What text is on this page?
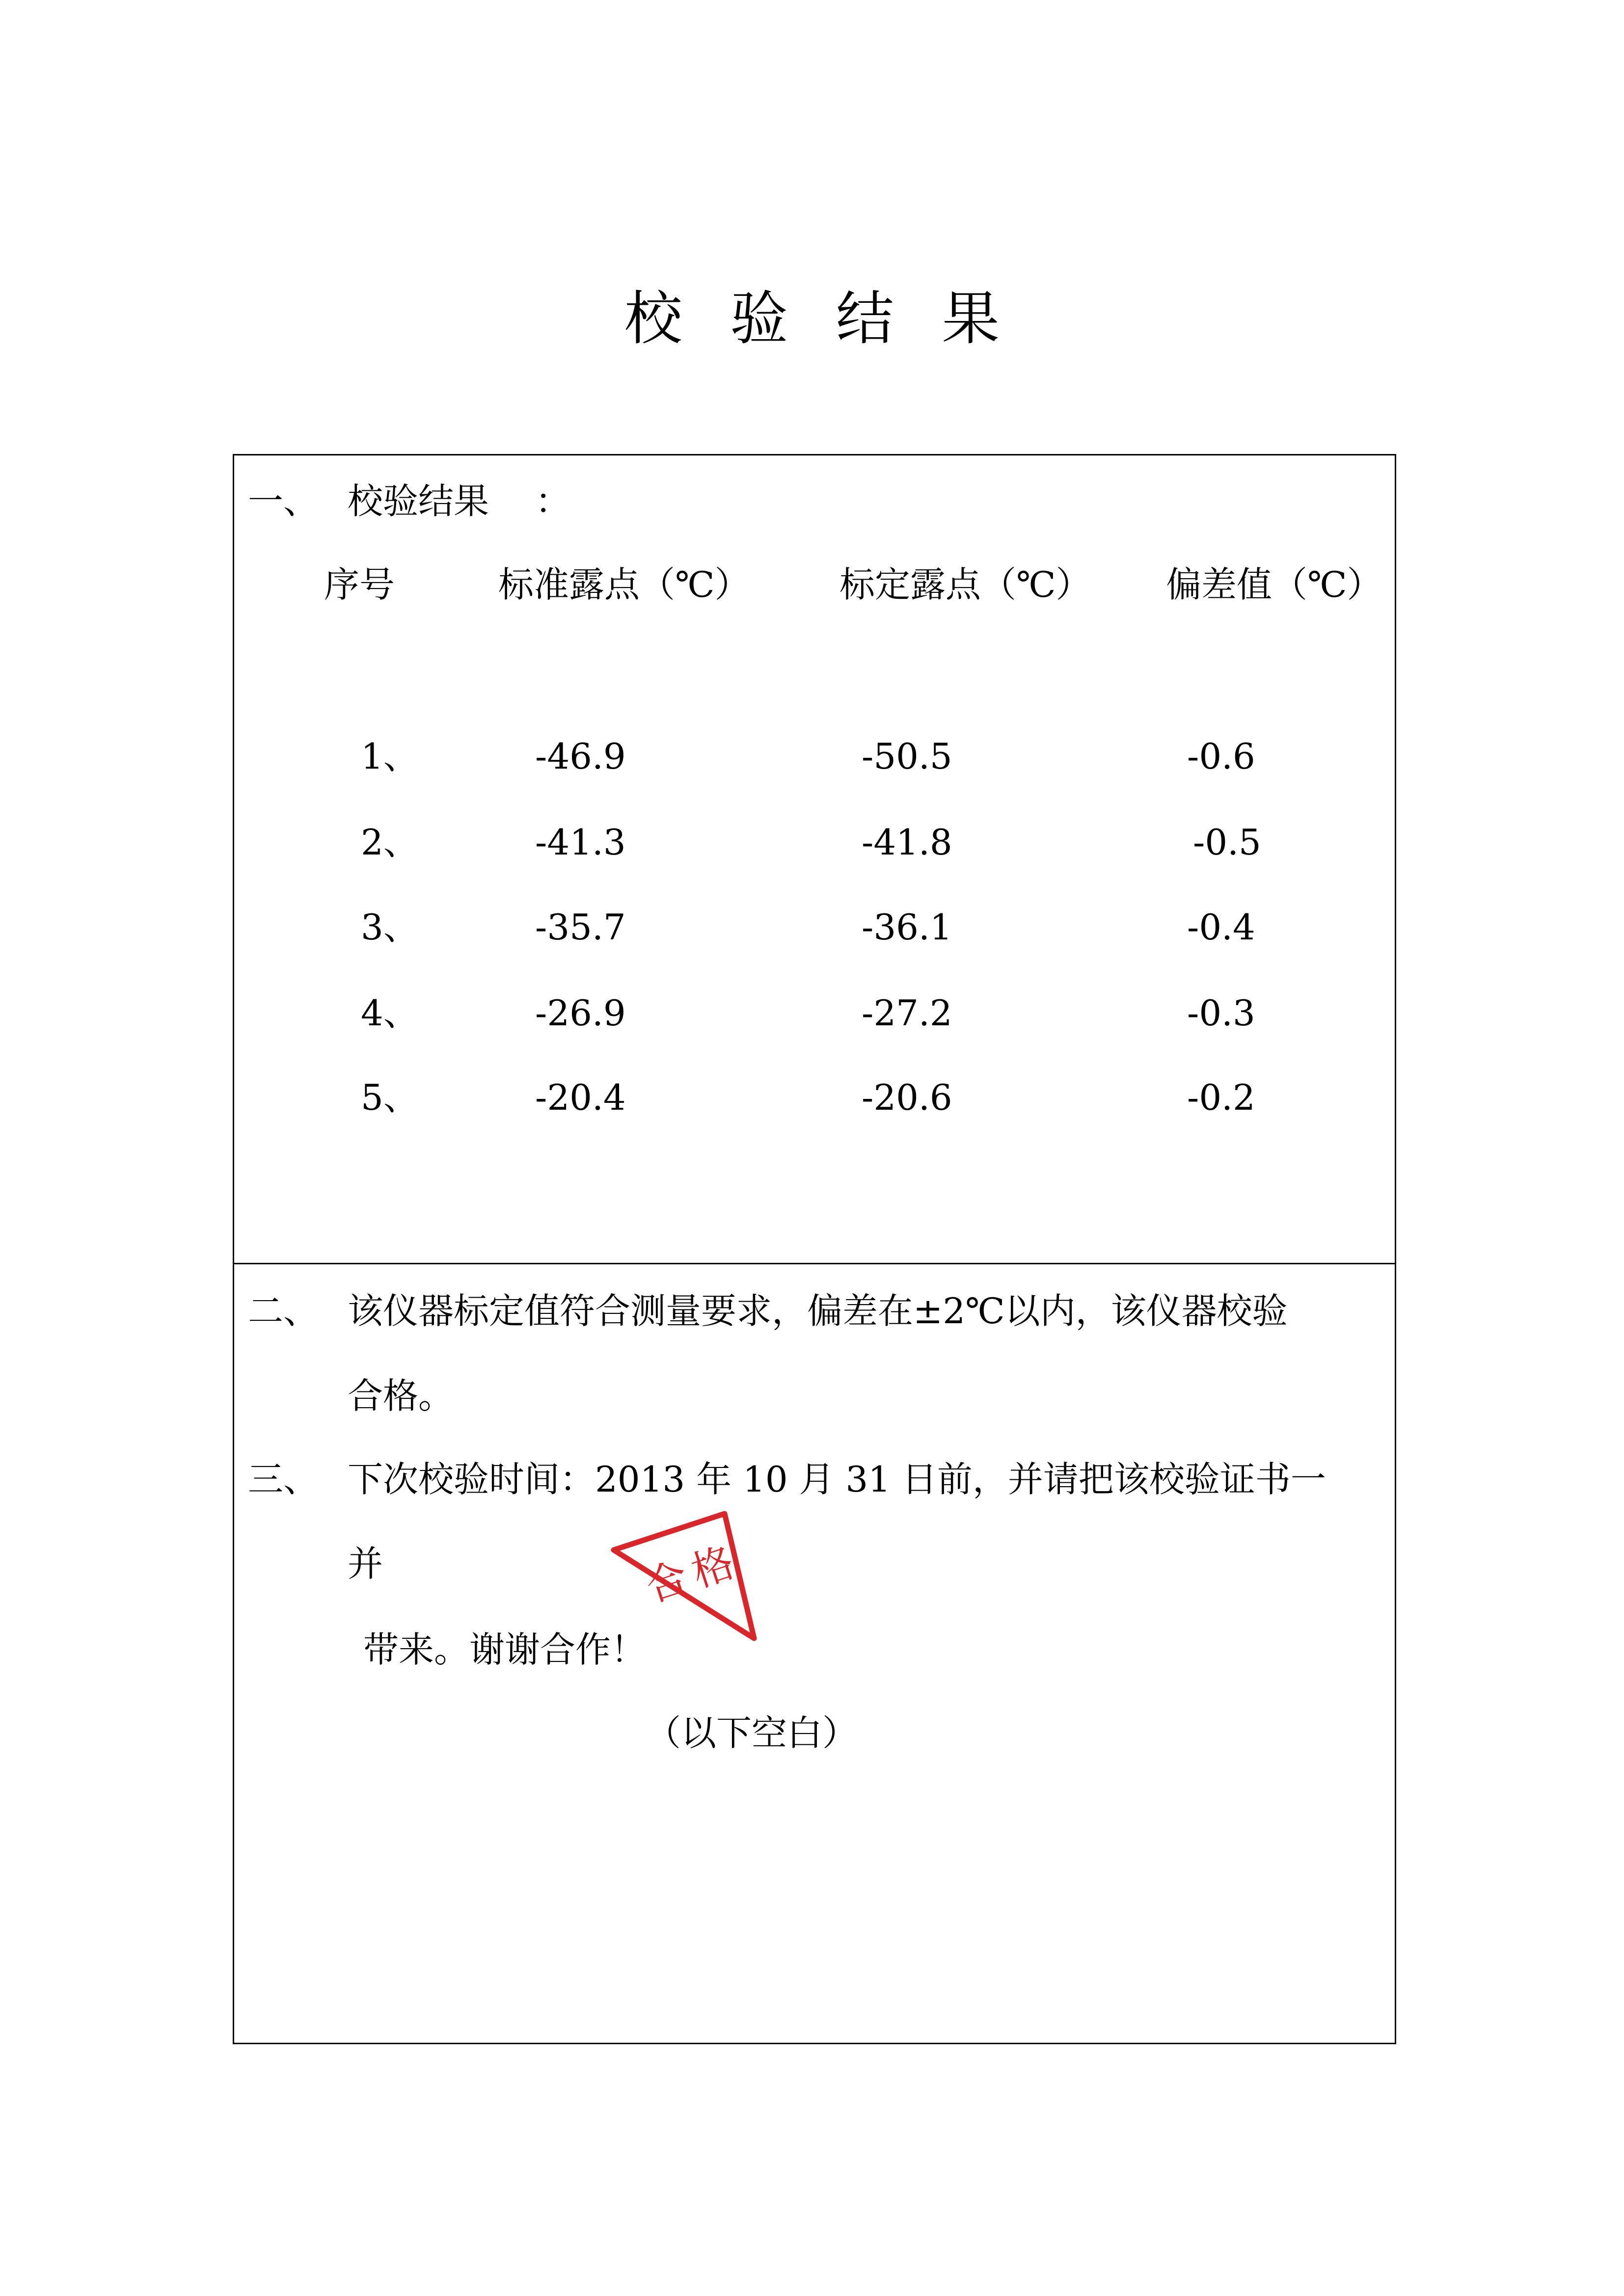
校 验 结 果
一、 校验结果 ：
序号	标准露点（℃）	标定露点（℃） 偏差值（℃）
1、	-46.9	-50.5	-0.6
2、	-41.3	-41.8	-0.5
3、	-35.7	-36.1	-0.4
4、	-26.9	-27.2	-0.3
5、	-20.4	-20.6	-0.2
二、 该仪器标定值符合测量要求，偏差在±2℃以内，该仪器校验
合格。
三、 下次校验时间：2013 年 10 月 31 日前，并请把该校验证书一
并
带来。谢谢合作！
（以下空白）
合格
